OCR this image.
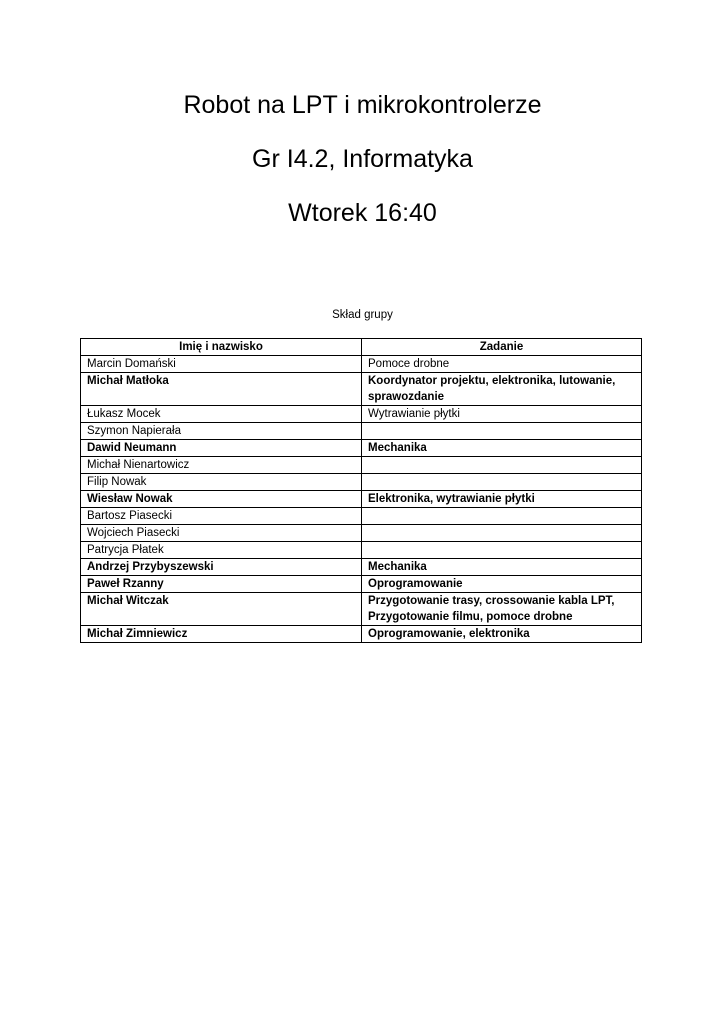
Robot na LPT i mikrokontrolerze
Gr I4.2, Informatyka
Wtorek 16:40
Skład grupy
Imię i nazwisko	Zadanie
Marcin Domański	Pomoce drobne
Michał Matłoka	Koordynator projektu, elektronika, lutowanie, sprawozdanie
Łukasz Mocek	Wytrawianie płytki
Szymon Napierała	
Dawid Neumann	Mechanika
Michał Nienartowicz	
Filip Nowak	
Wiesław Nowak	Elektronika, wytrawianie płytki
Bartosz Piasecki	
Wojciech Piasecki	
Patrycja Płatek	
Andrzej Przybyszewski	Mechanika
Paweł Rzanny	Oprogramowanie
Michał Witczak	Przygotowanie trasy, crossowanie kabla LPT, Przygotowanie filmu, pomoce drobne
Michał Zimniewicz	Oprogramowanie, elektronika
